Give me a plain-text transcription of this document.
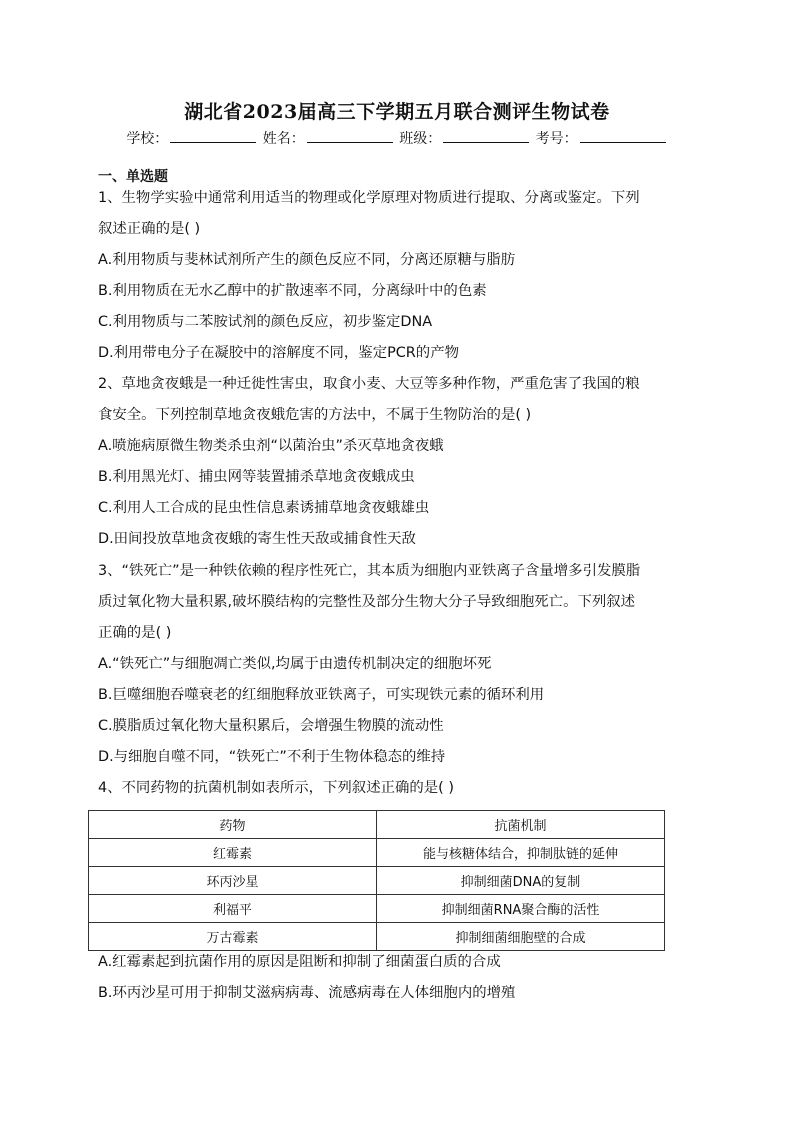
湖北省2023届高三下学期五月联合测评生物试卷
学校：	姓名：	班级：	考号：
一、单选题
1、生物学实验中通常利用适当的物理或化学原理对物质进行提取、分离或鉴定。下列
叙述正确的是( )
A.利用物质与斐林试剂所产生的颜色反应不同，分离还原糖与脂肪
B.利用物质在无水乙醇中的扩散速率不同，分离绿叶中的色素
C.利用物质与二苯胺试剂的颜色反应，初步鉴定DNA
D.利用带电分子在凝胶中的溶解度不同，鉴定PCR的产物
2、草地贪夜蛾是一种迁徙性害虫，取食小麦、大豆等多种作物，严重危害了我国的粮
食安全。下列控制草地贪夜蛾危害的方法中，不属于生物防治的是( )
A.喷施病原微生物类杀虫剂“以菌治虫”杀灭草地贪夜蛾
B.利用黑光灯、捕虫网等装置捕杀草地贪夜蛾成虫
C.利用人工合成的昆虫性信息素诱捕草地贪夜蛾雄虫
D.田间投放草地贪夜蛾的寄生性天敌或捕食性天敌
3、“铁死亡”是一种铁依赖的程序性死亡，其本质为细胞内亚铁离子含量增多引发膜脂
质过氧化物大量积累,破坏膜结构的完整性及部分生物大分子导致细胞死亡。下列叙述
正确的是( )
A.“铁死亡”与细胞凋亡类似,均属于由遗传机制决定的细胞坏死
B.巨噬细胞吞噬衰老的红细胞释放亚铁离子，可实现铁元素的循环利用
C.膜脂质过氧化物大量积累后，会增强生物膜的流动性
D.与细胞自噬不同，“铁死亡”不利于生物体稳态的维持
4、不同药物的抗菌机制如表所示，下列叙述正确的是( )
药物	抗菌机制
红霉素	能与核糖体结合，抑制肽链的延伸
环丙沙星	抑制细菌DNA的复制
利福平	抑制细菌RNA聚合酶的活性
万古霉素	抑制细菌细胞壁的合成
A.红霉素起到抗菌作用的原因是阻断和抑制了细菌蛋白质的合成
B.环丙沙星可用于抑制艾滋病病毒、流感病毒在人体细胞内的增殖
